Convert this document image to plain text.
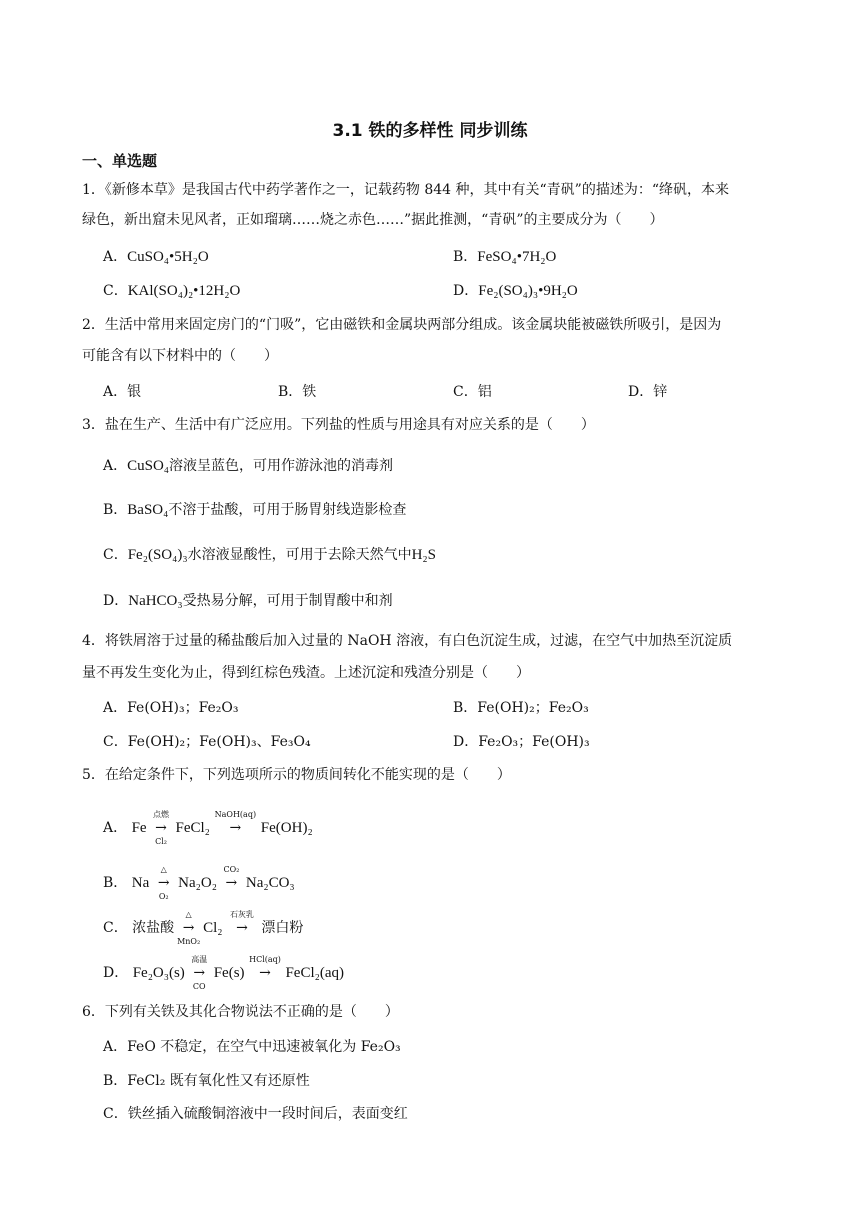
3.1 铁的多样性 同步训练
一、单选题
1．《新修本草》是我国古代中药学著作之一，记载药物 844 种，其中有关“青矾”的描述为：“绛矾，本来
绿色，新出窟未见风者，正如瑠璃……烧之赤色……”据此推测，“青矾”的主要成分为（　　）
A．CuSO₄•5H₂O	B．FeSO₄•7H₂O
C．KAl(SO₄)₂•12H₂O	D．Fe₂(SO₄)₃•9H₂O
2．生活中常用来固定房门的“门吸”，它由磁铁和金属块两部分组成。该金属块能被磁铁所吸引，是因为
可能含有以下材料中的（　　）
A．银	B．铁	C．铝	D．锌
3．盐在生产、生活中有广泛应用。下列盐的性质与用途具有对应关系的是（　　）
A．CuSO₄溶液呈蓝色，可用作游泳池的消毒剂
B．BaSO₄不溶于盐酸，可用于肠胃射线造影检查
C．Fe₂(SO₄)₃水溶液显酸性，可用于去除天然气中H₂S
D．NaHCO₃受热易分解，可用于制胃酸中和剂
4．将铁屑溶于过量的稀盐酸后加入过量的 NaOH 溶液，有白色沉淀生成，过滤，在空气中加热至沉淀质
量不再发生变化为止，得到红棕色残渣。上述沉淀和残渣分别是（　　）
A．Fe(OH)₃；Fe₂O₃	B．Fe(OH)₂；Fe₂O₃
C．Fe(OH)₂；Fe(OH)₃、Fe₃O₄	D．Fe₂O₃；Fe(OH)₃
5．在给定条件下，下列选项所示的物质间转化不能实现的是（　　）
A． Fe
点燃
→
Cl₂
FeCl₂
NaOH(aq)
→ Fe(OH)₂
B． Na
△
→
O₂
Na₂O₂
CO₂
→ Na₂CO₃
C． 浓盐酸
△
→
MnO₂
Cl₂
石灰乳
→ 漂白粉
D． Fe₂O₃(s)
高温
→
CO
Fe(s)
HCl(aq)
→ FeCl₂(aq)
6．下列有关铁及其化合物说法不正确的是（　　）
A．FeO 不稳定，在空气中迅速被氧化为 Fe₂O₃
B．FeCl₂ 既有氧化性又有还原性
C．铁丝插入硫酸铜溶液中一段时间后，表面变红
